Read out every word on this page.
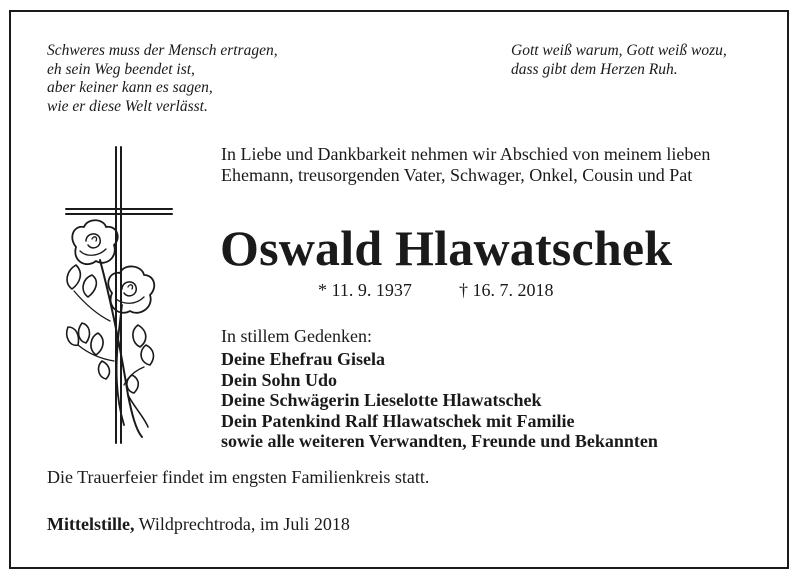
Schweres muss der Mensch ertragen,
eh sein Weg beendet ist,
aber keiner kann es sagen,
wie er diese Welt verlässt.
Gott weiß warum, Gott weiß wozu,
dass gibt dem Herzen Ruh.
In Liebe und Dankbarkeit nehmen wir Abschied von meinem lieben
Ehemann, treusorgenden Vater, Schwager, Onkel, Cousin und Pat
Oswald Hlawatschek
* 11. 9. 1937	† 16. 7. 2018
In stillem Gedenken:
Deine Ehefrau Gisela
Dein Sohn Udo
Deine Schwägerin Lieselotte Hlawatschek
Dein Patenkind Ralf Hlawatschek mit Familie
sowie alle weiteren Verwandten, Freunde und Bekannten
Die Trauerfeier findet im engsten Familienkreis statt.
Mittelstille, Wildprechtroda, im Juli 2018
